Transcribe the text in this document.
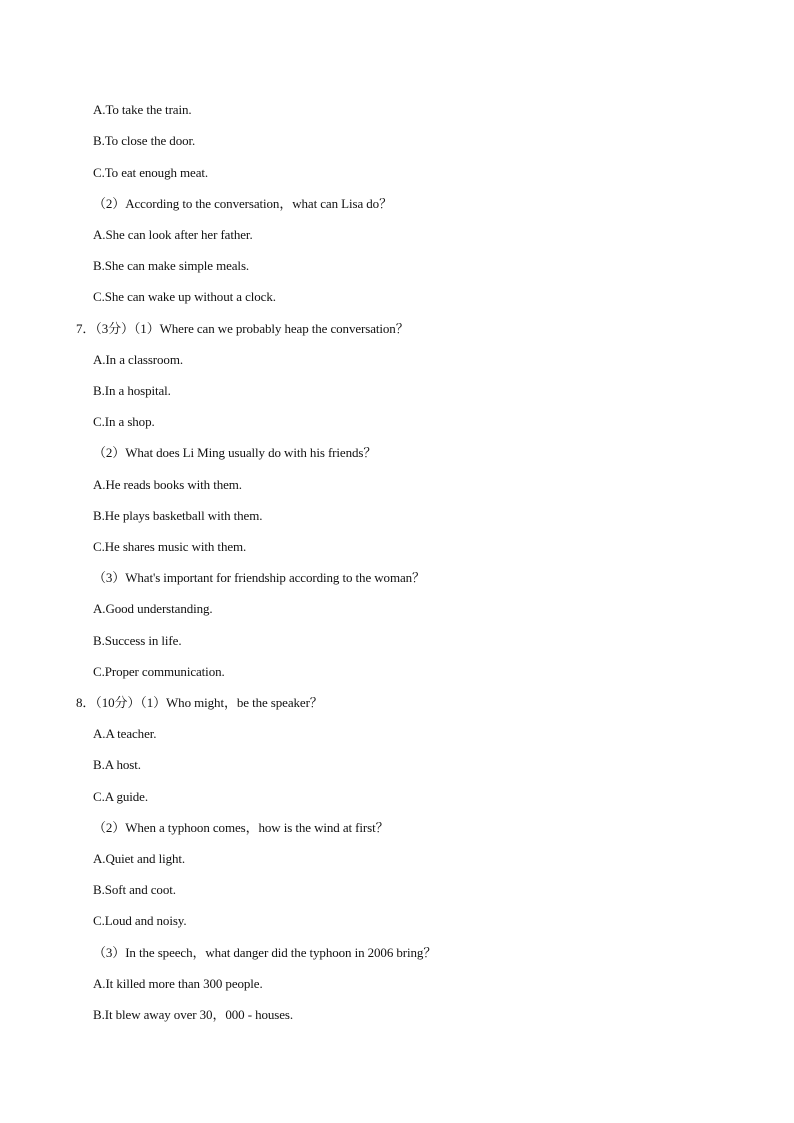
A.To take the train.
B.To close the door.
C.To eat enough meat.
（2）According to the conversation，what can Lisa do？
A.She can look after her father.
B.She can make simple meals.
C.She can wake up without a clock.
7．（3分）（1）Where can we probably heap the conversation？
A.In a classroom.
B.In a hospital.
C.In a shop.
（2）What does Li Ming usually do with his friends？
A.He reads books with them.
B.He plays basketball with them.
C.He shares music with them.
（3）What's important for friendship according to the woman？
A.Good understanding.
B.Success in life.
C.Proper communication.
8．（10分）（1）Who might，be the speaker？
A.A teacher.
B.A host.
C.A guide.
（2）When a typhoon comes，how is the wind at first？
A.Quiet and light.
B.Soft and coot.
C.Loud and noisy.
（3）In the speech，what danger did the typhoon in 2006 bring？
A.It killed more than 300 people.
B.It blew away over 30，000 - houses.
